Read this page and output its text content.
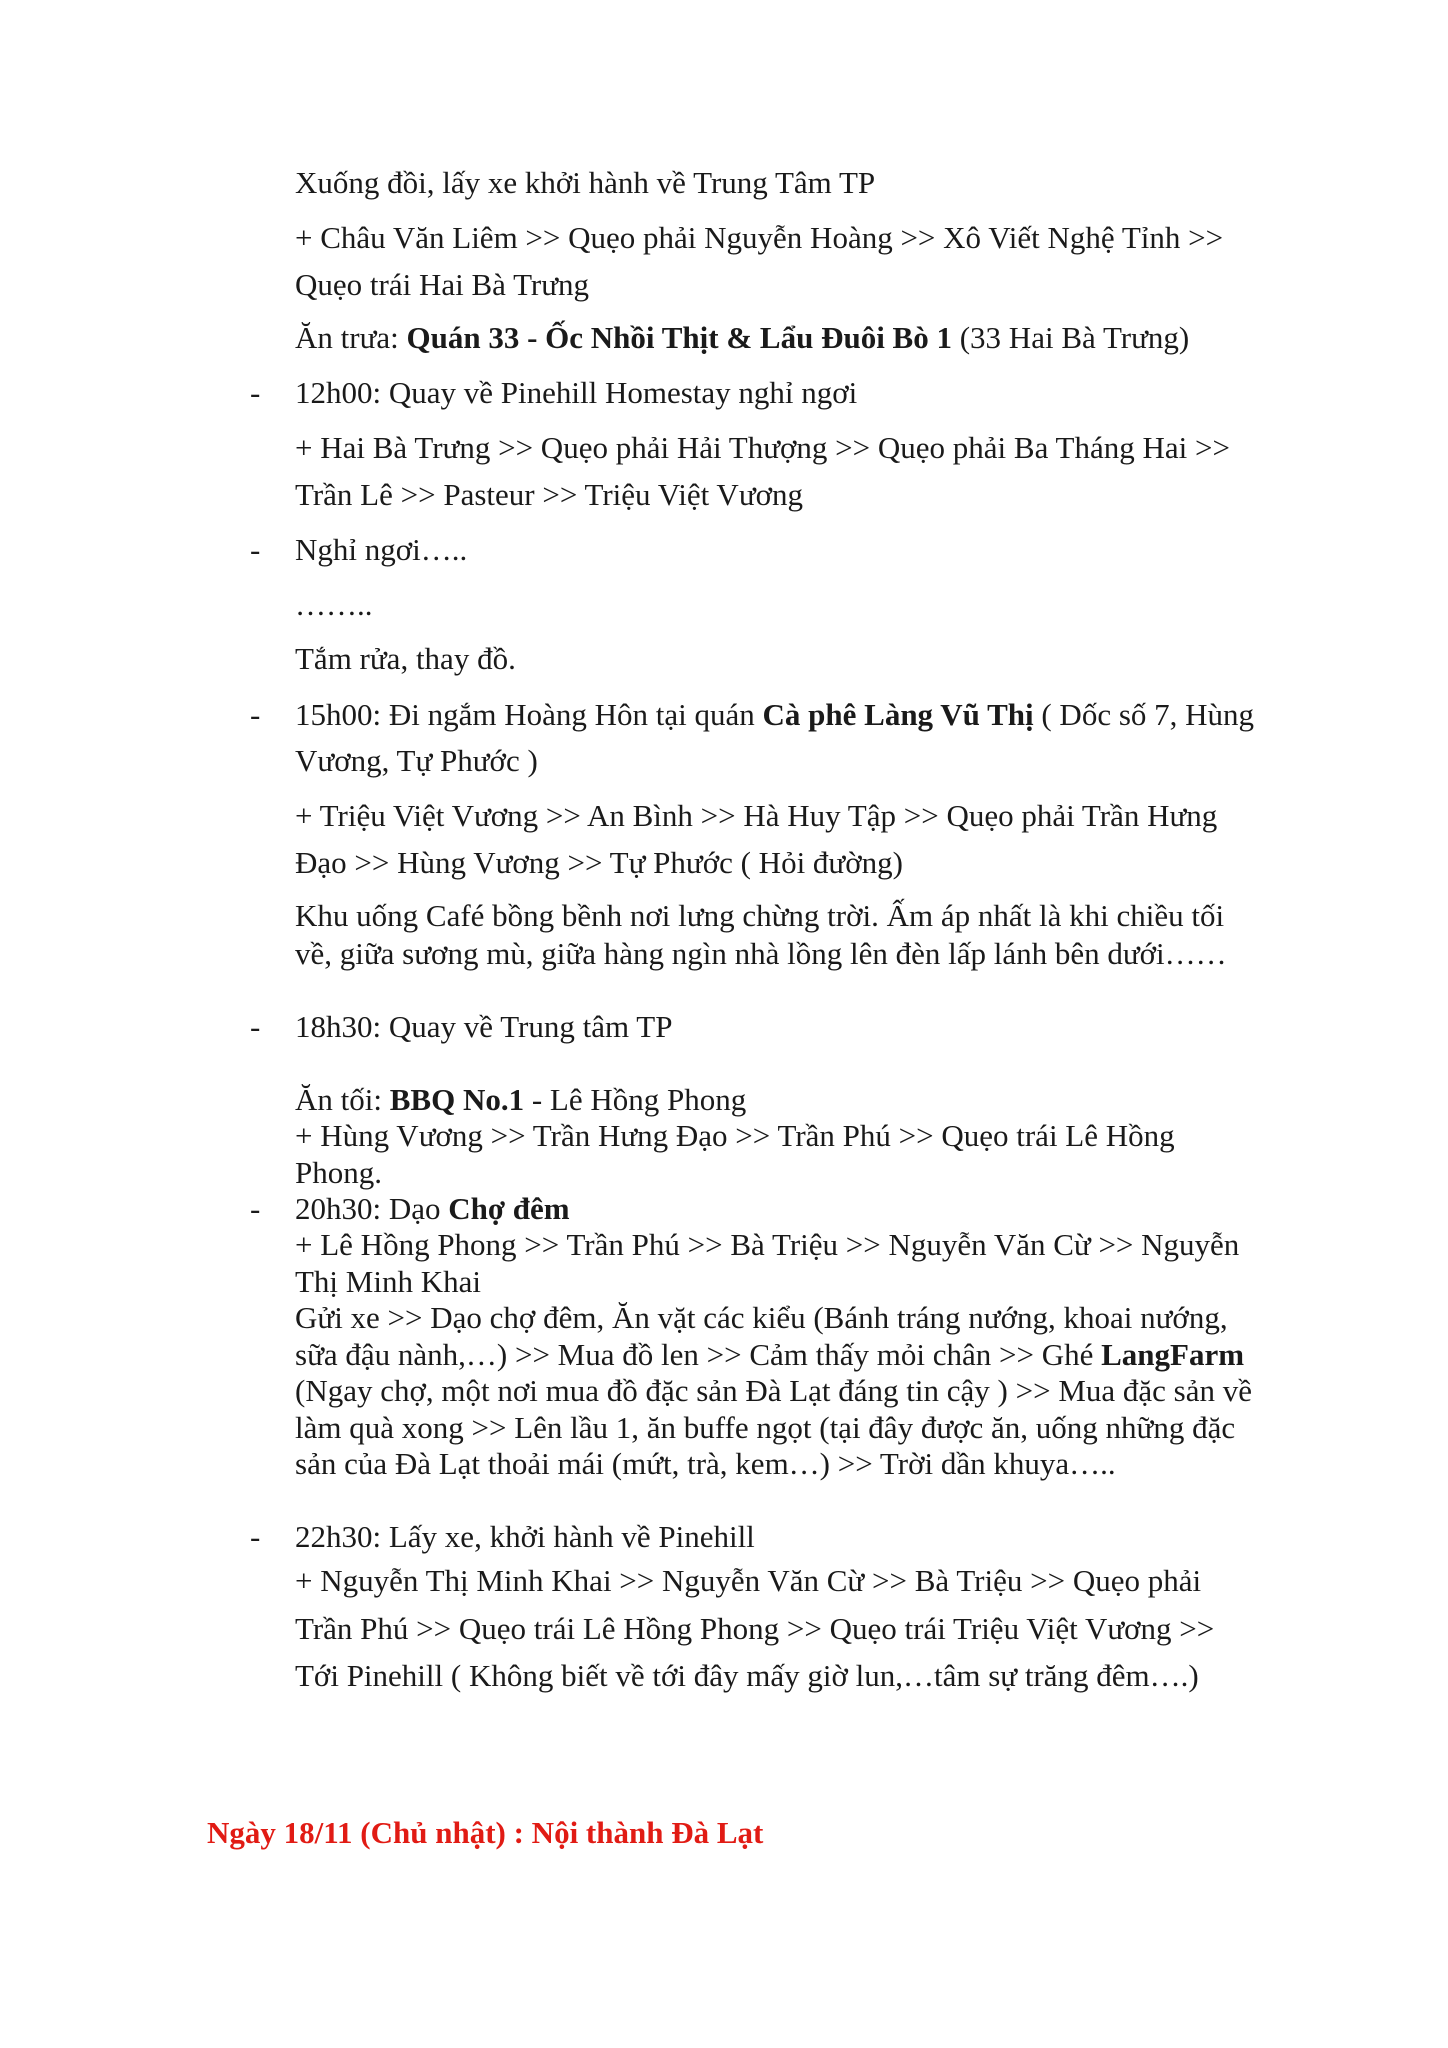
Xuống đồi, lấy xe khởi hành về Trung Tâm TP
+ Châu Văn Liêm >> Quẹo phải Nguyễn Hoàng >> Xô Viết Nghệ Tỉnh >>
Quẹo trái Hai Bà Trưng
Ăn trưa: Quán 33 - Ốc Nhồi Thịt & Lẩu Đuôi Bò 1 (33 Hai Bà Trưng)
- 12h00: Quay về Pinehill Homestay nghỉ ngơi
+ Hai Bà Trưng >> Quẹo phải Hải Thượng >> Quẹo phải Ba Tháng Hai >>
Trần Lê >> Pasteur >> Triệu Việt Vương
- Nghỉ ngơi…..
……..
Tắm rửa, thay đồ.
- 15h00: Đi ngắm Hoàng Hôn tại quán Cà phê Làng Vũ Thị ( Dốc số 7, Hùng
Vương, Tự Phước )
+ Triệu Việt Vương >> An Bình >> Hà Huy Tập >> Quẹo phải Trần Hưng
Đạo >> Hùng Vương >> Tự Phước ( Hỏi đường)
Khu uống Café bồng bềnh nơi lưng chừng trời. Ấm áp nhất là khi chiều tối
về, giữa sương mù, giữa hàng ngìn nhà lồng lên đèn lấp lánh bên dưới……
- 18h30: Quay về Trung tâm TP
Ăn tối: BBQ No.1 - Lê Hồng Phong
+ Hùng Vương >> Trần Hưng Đạo >> Trần Phú >> Quẹo trái Lê Hồng
Phong.
- 20h30: Dạo Chợ đêm
+ Lê Hồng Phong >> Trần Phú >> Bà Triệu >> Nguyễn Văn Cừ >> Nguyễn
Thị Minh Khai
Gửi xe >> Dạo chợ đêm, Ăn vặt các kiểu (Bánh tráng nướng, khoai nướng,
sữa đậu nành,…) >> Mua đồ len >> Cảm thấy mỏi chân >> Ghé LangFarm
(Ngay chợ, một nơi mua đồ đặc sản Đà Lạt đáng tin cậy ) >> Mua đặc sản về
làm quà xong >> Lên lầu 1, ăn buffe ngọt (tại đây được ăn, uống những đặc
sản của Đà Lạt thoải mái (mứt, trà, kem…) >> Trời dần khuya…..
- 22h30: Lấy xe, khởi hành về Pinehill
+ Nguyễn Thị Minh Khai >> Nguyễn Văn Cừ >> Bà Triệu >> Quẹo phải
Trần Phú >> Quẹo trái Lê Hồng Phong >> Quẹo trái Triệu Việt Vương >>
Tới Pinehill ( Không biết về tới đây mấy giờ lun,…tâm sự trăng đêm….)
Ngày 18/11 (Chủ nhật) : Nội thành Đà Lạt
